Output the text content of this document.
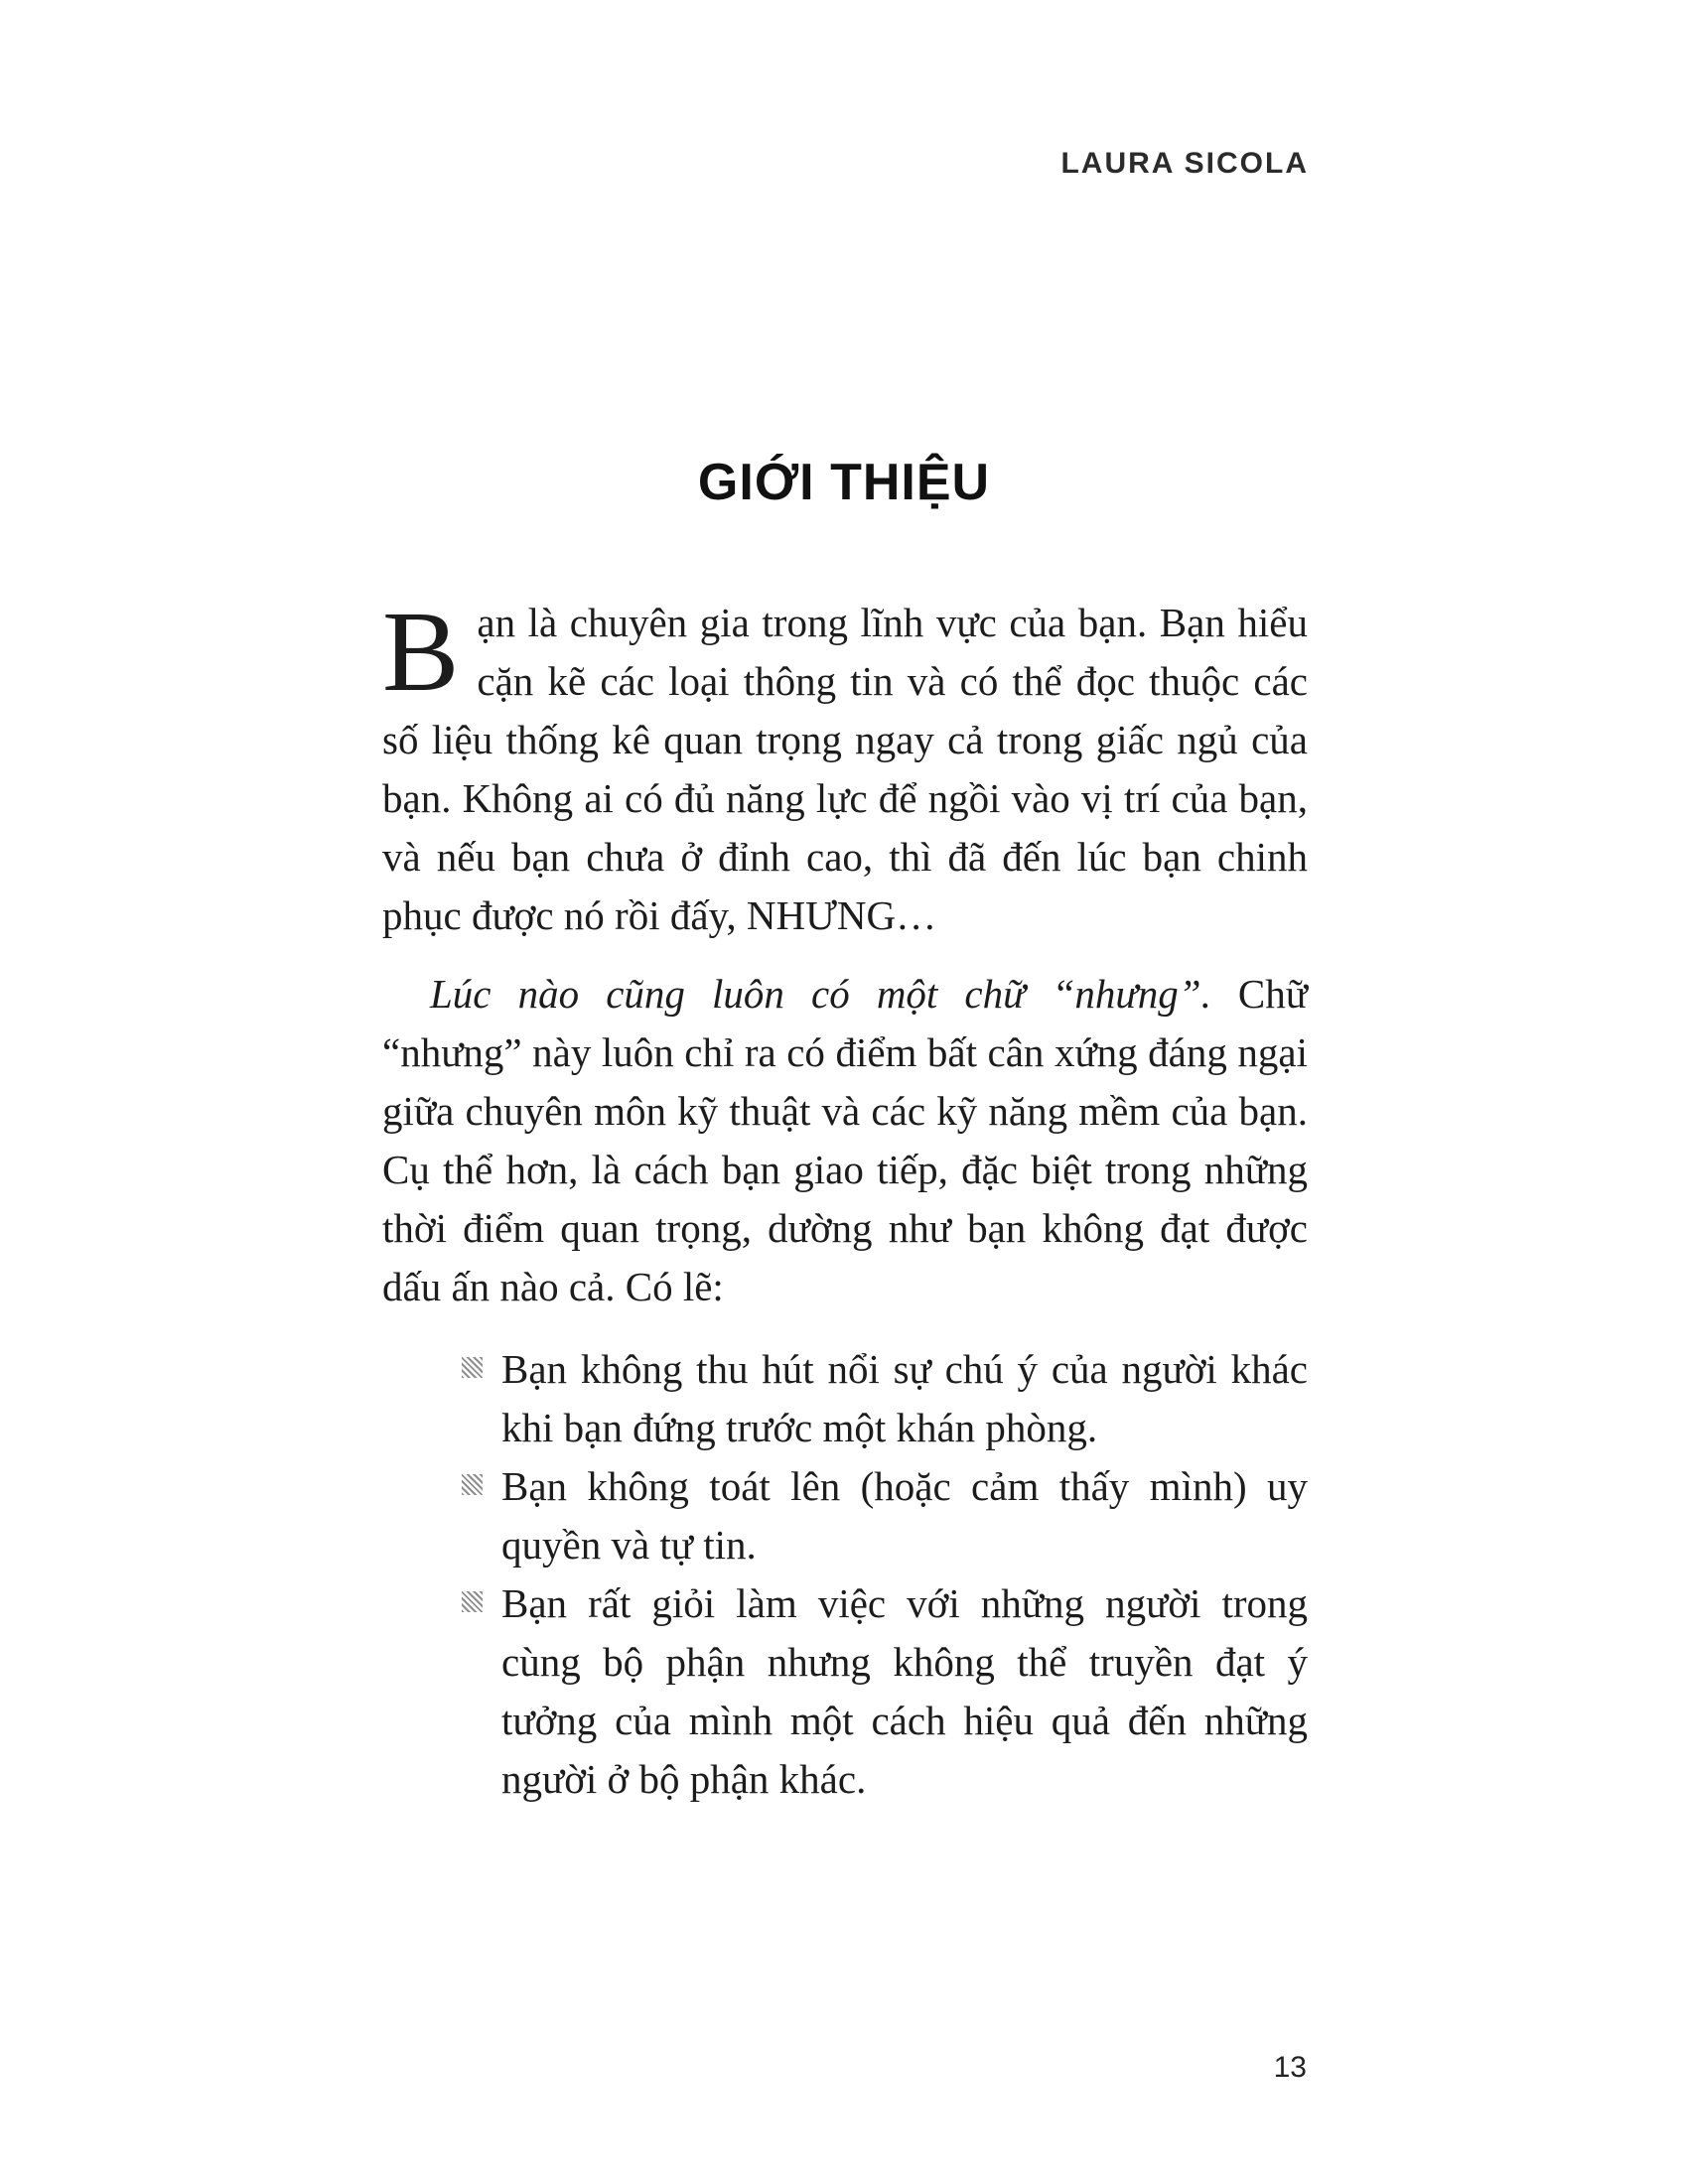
LAURA SICOLA
GIỚI THIỆU

Bạn là chuyên gia trong lĩnh vực của bạn. Bạn hiểu cặn kẽ các loại thông tin và có thể đọc thuộc các số liệu thống kê quan trọng ngay cả trong giấc ngủ của bạn. Không ai có đủ năng lực để ngồi vào vị trí của bạn, và nếu bạn chưa ở đỉnh cao, thì đã đến lúc bạn chinh phục được nó rồi đấy, NHƯNG…

Lúc nào cũng luôn có một chữ “nhưng”. Chữ “nhưng” này luôn chỉ ra có điểm bất cân xứng đáng ngại giữa chuyên môn kỹ thuật và các kỹ năng mềm của bạn. Cụ thể hơn, là cách bạn giao tiếp, đặc biệt trong những thời điểm quan trọng, dường như bạn không đạt được dấu ấn nào cả. Có lẽ:

Bạn không thu hút nổi sự chú ý của người khác khi bạn đứng trước một khán phòng.
Bạn không toát lên (hoặc cảm thấy mình) uy quyền và tự tin.
Bạn rất giỏi làm việc với những người trong cùng bộ phận nhưng không thể truyền đạt ý tưởng của mình một cách hiệu quả đến những người ở bộ phận khác.
13
